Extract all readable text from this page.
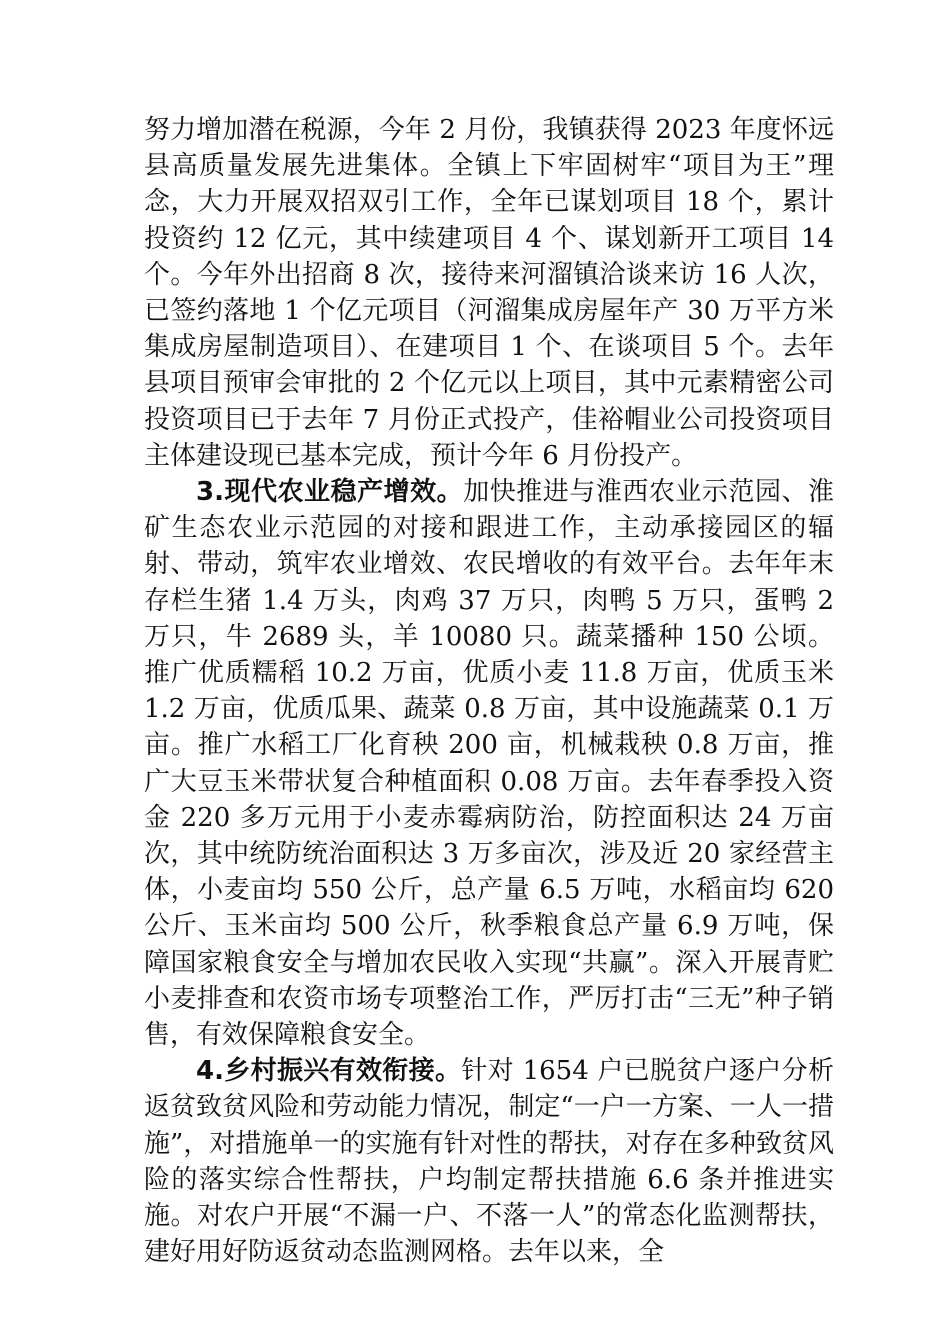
努力增加潜在税源，今年 2 月份，我镇获得 2023 年度怀远县高质量发展先进集体。全镇上下牢固树牢“项目为王”理念，大力开展双招双引工作，全年已谋划项目 18 个，累计投资约 12 亿元，其中续建项目 4 个、谋划新开工项目 14 个。今年外出招商 8 次，接待来河溜镇洽谈来访 16 人次，已签约落地 1 个亿元项目（河溜集成房屋年产 30 万平方米集成房屋制造项目）、在建项目 1 个、在谈项目 5 个。去年县项目预审会审批的 2 个亿元以上项目，其中元素精密公司投资项目已于去年 7 月份正式投产，佳裕帽业公司投资项目主体建设现已基本完成，预计今年 6 月份投产。

3.现代农业稳产增效。加快推进与淮西农业示范园、淮矿生态农业示范园的对接和跟进工作，主动承接园区的辐射、带动，筑牢农业增效、农民增收的有效平台。去年年末存栏生猪 1.4 万头，肉鸡 37 万只，肉鸭 5 万只，蛋鸭 2 万只，牛 2689 头，羊 10080 只。蔬菜播种 150 公顷。推广优质糯稻 10.2 万亩，优质小麦 11.8 万亩，优质玉米 1.2 万亩，优质瓜果、蔬菜 0.8 万亩，其中设施蔬菜 0.1 万亩。推广水稻工厂化育秧 200 亩，机械栽秧 0.8 万亩，推广大豆玉米带状复合种植面积 0.08 万亩。去年春季投入资金 220 多万元用于小麦赤霉病防治，防控面积达 24 万亩次，其中统防统治面积达 3 万多亩次，涉及近 20 家经营主体，小麦亩均 550 公斤，总产量 6.5 万吨，水稻亩均 620 公斤、玉米亩均 500 公斤，秋季粮食总产量 6.9 万吨，保障国家粮食安全与增加农民收入实现“共赢”。深入开展青贮小麦排查和农资市场专项整治工作，严厉打击“三无”种子销售，有效保障粮食安全。

4.乡村振兴有效衔接。针对 1654 户已脱贫户逐户分析返贫致贫风险和劳动能力情况，制定“一户一方案、一人一措施”，对措施单一的实施有针对性的帮扶，对存在多种致贫风险的落实综合性帮扶，户均制定帮扶措施 6.6 条并推进实施。对农户开展“不漏一户、不落一人”的常态化监测帮扶，建好用好防返贫动态监测网格。去年以来，全
